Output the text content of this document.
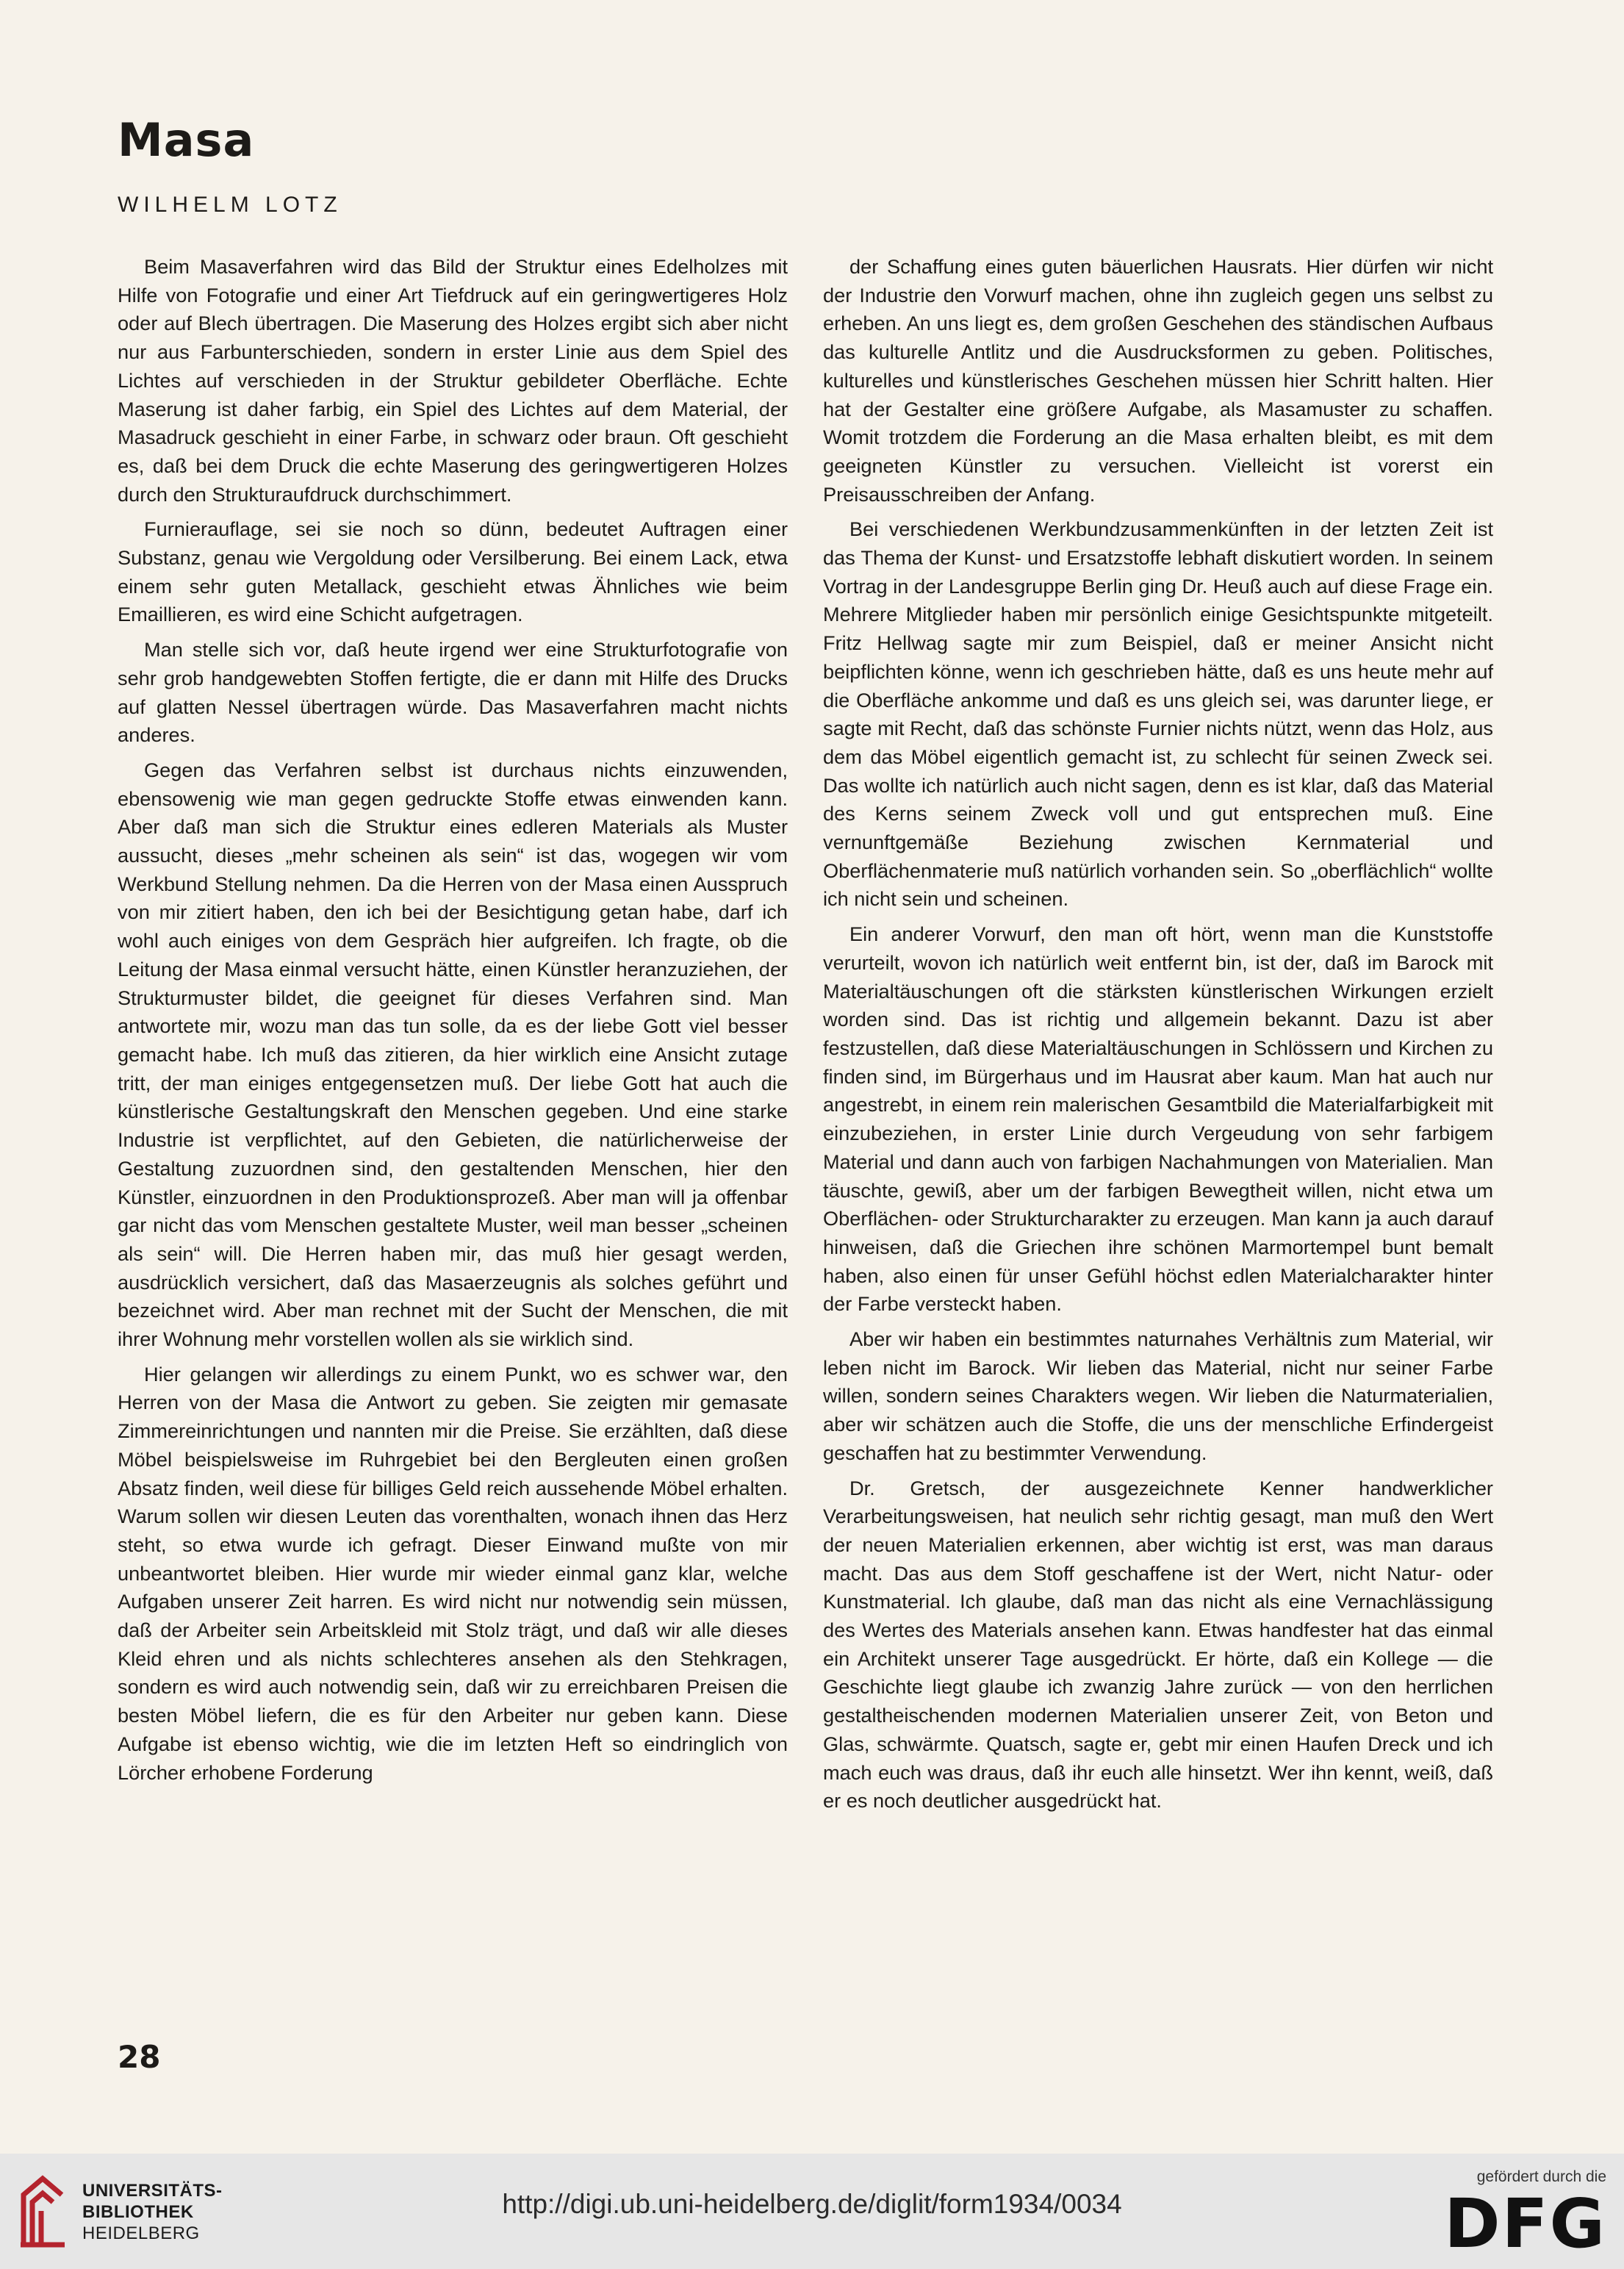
Masa
WILHELM LOTZ

Beim Masaverfahren wird das Bild der Struktur eines Edelholzes mit Hilfe von Fotografie und einer Art Tiefdruck auf ein geringwertigeres Holz oder auf Blech übertragen. Die Maserung des Holzes ergibt sich aber nicht nur aus Farbunterschieden, sondern in erster Linie aus dem Spiel des Lichtes auf verschieden in der Struktur gebildeter Oberfläche. Echte Maserung ist daher farbig, ein Spiel des Lichtes auf dem Material, der Masadruck geschieht in einer Farbe, in schwarz oder braun. Oft geschieht es, daß bei dem Druck die echte Maserung des geringwertigeren Holzes durch den Strukturaufdruck durchschimmert.

Furnierauflage, sei sie noch so dünn, bedeutet Auftragen einer Substanz, genau wie Vergoldung oder Versilberung. Bei einem Lack, etwa einem sehr guten Metallack, geschieht etwas Ähnliches wie beim Emaillieren, es wird eine Schicht aufgetragen.

Man stelle sich vor, daß heute irgend wer eine Strukturfotografie von sehr grob handgewebten Stoffen fertigte, die er dann mit Hilfe des Drucks auf glatten Nessel übertragen würde. Das Masaverfahren macht nichts anderes.

Gegen das Verfahren selbst ist durchaus nichts einzuwenden, ebensowenig wie man gegen gedruckte Stoffe etwas einwenden kann. Aber daß man sich die Struktur eines edleren Materials als Muster aussucht, dieses „mehr scheinen als sein“ ist das, wogegen wir vom Werkbund Stellung nehmen. Da die Herren von der Masa einen Ausspruch von mir zitiert haben, den ich bei der Besichtigung getan habe, darf ich wohl auch einiges von dem Gespräch hier aufgreifen. Ich fragte, ob die Leitung der Masa einmal versucht hätte, einen Künstler heranzuziehen, der Strukturmuster bildet, die geeignet für dieses Verfahren sind. Man antwortete mir, wozu man das tun solle, da es der liebe Gott viel besser gemacht habe. Ich muß das zitieren, da hier wirklich eine Ansicht zutage tritt, der man einiges entgegensetzen muß. Der liebe Gott hat auch die künstlerische Gestaltungskraft den Menschen gegeben. Und eine starke Industrie ist verpflichtet, auf den Gebieten, die natürlicherweise der Gestaltung zuzuordnen sind, den gestaltenden Menschen, hier den Künstler, einzuordnen in den Produktionsprozeß. Aber man will ja offenbar gar nicht das vom Menschen gestaltete Muster, weil man besser „scheinen als sein“ will. Die Herren haben mir, das muß hier gesagt werden, ausdrücklich versichert, daß das Masaerzeugnis als solches geführt und bezeichnet wird. Aber man rechnet mit der Sucht der Menschen, die mit ihrer Wohnung mehr vorstellen wollen als sie wirklich sind.

Hier gelangen wir allerdings zu einem Punkt, wo es schwer war, den Herren von der Masa die Antwort zu geben. Sie zeigten mir gemasate Zimmereinrichtungen und nannten mir die Preise. Sie erzählten, daß diese Möbel beispielsweise im Ruhrgebiet bei den Bergleuten einen großen Absatz finden, weil diese für billiges Geld reich aussehende Möbel erhalten. Warum sollen wir diesen Leuten das vorenthalten, wonach ihnen das Herz steht, so etwa wurde ich gefragt. Dieser Einwand mußte von mir unbeantwortet bleiben. Hier wurde mir wieder einmal ganz klar, welche Aufgaben unserer Zeit harren. Es wird nicht nur notwendig sein müssen, daß der Arbeiter sein Arbeitskleid mit Stolz trägt, und daß wir alle dieses Kleid ehren und als nichts schlechteres ansehen als den Stehkragen, sondern es wird auch notwendig sein, daß wir zu erreichbaren Preisen die besten Möbel liefern, die es für den Arbeiter nur geben kann. Diese Aufgabe ist ebenso wichtig, wie die im letzten Heft so eindringlich von Lörcher erhobene Forderung

der Schaffung eines guten bäuerlichen Hausrats. Hier dürfen wir nicht der Industrie den Vorwurf machen, ohne ihn zugleich gegen uns selbst zu erheben. An uns liegt es, dem großen Geschehen des ständischen Aufbaus das kulturelle Antlitz und die Ausdrucksformen zu geben. Politisches, kulturelles und künstlerisches Geschehen müssen hier Schritt halten. Hier hat der Gestalter eine größere Aufgabe, als Masamuster zu schaffen. Womit trotzdem die Forderung an die Masa erhalten bleibt, es mit dem geeigneten Künstler zu versuchen. Vielleicht ist vorerst ein Preisausschreiben der Anfang.

Bei verschiedenen Werkbundzusammenkünften in der letzten Zeit ist das Thema der Kunst- und Ersatzstoffe lebhaft diskutiert worden. In seinem Vortrag in der Landesgruppe Berlin ging Dr. Heuß auch auf diese Frage ein. Mehrere Mitglieder haben mir persönlich einige Gesichtspunkte mitgeteilt. Fritz Hellwag sagte mir zum Beispiel, daß er meiner Ansicht nicht beipflichten könne, wenn ich geschrieben hätte, daß es uns heute mehr auf die Oberfläche ankomme und daß es uns gleich sei, was darunter liege, er sagte mit Recht, daß das schönste Furnier nichts nützt, wenn das Holz, aus dem das Möbel eigentlich gemacht ist, zu schlecht für seinen Zweck sei. Das wollte ich natürlich auch nicht sagen, denn es ist klar, daß das Material des Kerns seinem Zweck voll und gut entsprechen muß. Eine vernunftgemäße Beziehung zwischen Kernmaterial und Oberflächenmaterie muß natürlich vorhanden sein. So „oberflächlich“ wollte ich nicht sein und scheinen.

Ein anderer Vorwurf, den man oft hört, wenn man die Kunststoffe verurteilt, wovon ich natürlich weit entfernt bin, ist der, daß im Barock mit Materialtäuschungen oft die stärksten künstlerischen Wirkungen erzielt worden sind. Das ist richtig und allgemein bekannt. Dazu ist aber festzustellen, daß diese Materialtäuschungen in Schlössern und Kirchen zu finden sind, im Bürgerhaus und im Hausrat aber kaum. Man hat auch nur angestrebt, in einem rein malerischen Gesamtbild die Materialfarbigkeit mit einzubeziehen, in erster Linie durch Vergeudung von sehr farbigem Material und dann auch von farbigen Nachahmungen von Materialien. Man täuschte, gewiß, aber um der farbigen Bewegtheit willen, nicht etwa um Oberflächen- oder Strukturcharakter zu erzeugen. Man kann ja auch darauf hinweisen, daß die Griechen ihre schönen Marmortempel bunt bemalt haben, also einen für unser Gefühl höchst edlen Materialcharakter hinter der Farbe versteckt haben.

Aber wir haben ein bestimmtes naturnahes Verhältnis zum Material, wir leben nicht im Barock. Wir lieben das Material, nicht nur seiner Farbe willen, sondern seines Charakters wegen. Wir lieben die Naturmaterialien, aber wir schätzen auch die Stoffe, die uns der menschliche Erfindergeist geschaffen hat zu bestimmter Verwendung.

Dr. Gretsch, der ausgezeichnete Kenner handwerklicher Verarbeitungsweisen, hat neulich sehr richtig gesagt, man muß den Wert der neuen Materialien erkennen, aber wichtig ist erst, was man daraus macht. Das aus dem Stoff geschaffene ist der Wert, nicht Natur- oder Kunstmaterial. Ich glaube, daß man das nicht als eine Vernachlässigung des Wertes des Materials ansehen kann. Etwas handfester hat das einmal ein Architekt unserer Tage ausgedrückt. Er hörte, daß ein Kollege — die Geschichte liegt glaube ich zwanzig Jahre zurück — von den herrlichen gestaltheischenden modernen Materialien unserer Zeit, von Beton und Glas, schwärmte. Quatsch, sagte er, gebt mir einen Haufen Dreck und ich mach euch was draus, daß ihr euch alle hinsetzt. Wer ihn kennt, weiß, daß er es noch deutlicher ausgedrückt hat.

28
UNIVERSITÄTS-
BIBLIOTHEK
HEIDELBERG
http://digi.ub.uni-heidelberg.de/diglit/form1934/0034
gefördert durch die
DFG
